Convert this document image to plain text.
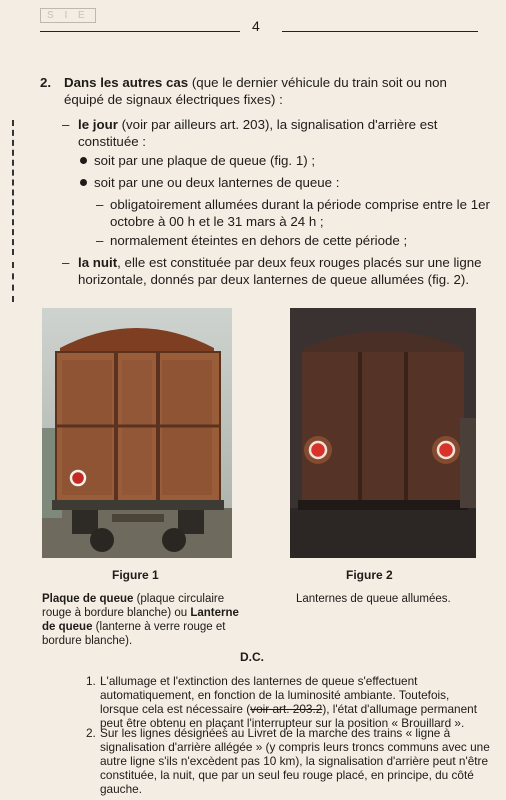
S I E
4
2. Dans les autres cas (que le dernier véhicule du train soit ou non équipé de signaux électriques fixes) :
– le jour (voir par ailleurs art. 203), la signalisation d'arrière est constituée :
soit par une plaque de queue (fig. 1) ;
soit par une ou deux lanternes de queue :
– obligatoirement allumées durant la période comprise entre le 1er octobre à 00 h et le 31 mars à 24 h ;
– normalement éteintes en dehors de cette période ;
– la nuit, elle est constituée par deux feux rouges placés sur une ligne horizontale, donnés par deux lanternes de queue allumées (fig. 2).
Figure 1	Figure 2
Plaque de queue (plaque circulaire rouge à bordure blanche) ou Lanterne de queue (lanterne à verre rouge et bordure blanche).
Lanternes de queue allumées.
D.C.
1. L'allumage et l'extinction des lanternes de queue s'effectuent automatiquement, en fonction de la luminosité ambiante. Toutefois, lorsque cela est nécessaire (voir art. 203.2), l'état d'allumage permanent peut être obtenu en plaçant l'interrupteur sur la position « Brouillard ».
2. Sur les lignes désignées au Livret de la marche des trains « ligne à signalisation d'arrière allégée » (y compris leurs troncs communs avec une autre ligne s'ils n'excèdent pas 10 km), la signalisation d'arrière peut n'être constituée, la nuit, que par un seul feu rouge placé, en principe, du côté gauche.
